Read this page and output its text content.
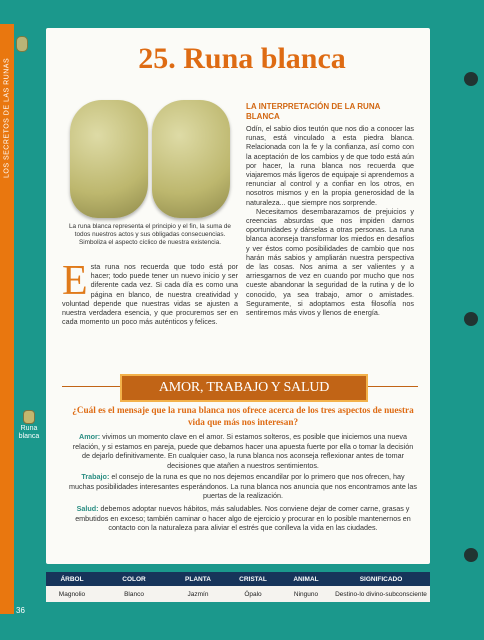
LOS SECRETOS DE LAS RUNAS
Runa blanca
25. Runa blanca
La runa blanca representa el principio y el fin, la suma de todos nuestros actos y sus obligadas consecuencias. Simboliza el aspecto cíclico de nuestra existencia.
LA INTERPRETACIÓN DE LA RUNA BLANCA
Odín, el sabio dios teutón que nos dio a conocer las runas, está vinculado a esta piedra blanca. Relacionada con la fe y la confianza, así como con la aceptación de los cambios y de que todo está aún por hacer, la runa blanca nos recuerda que viajaremos más ligeros de equipaje si aprendemos a renunciar al control y a confiar en los otros, en nosotros mismos y en la propia generosidad de la naturaleza... que siempre nos sorprende.
Necesitamos desembarazarnos de prejuicios y creencias absurdas que nos impiden darnos oportunidades y dárselas a otras personas. La runa blanca aconseja transformar los miedos en desafíos y ver éstos como posibilidades de cambio que nos harán más sabios y ampliarán nuestra perspectiva de las cosas. Nos anima a ser valientes y a arriesgarnos de vez en cuando por mucho que nos cueste abandonar la seguridad de la rutina y de lo conocido, ya sea trabajo, amor o amistades. Seguramente, si adoptamos esta filosofía nos sentiremos más vivos y llenos de energía.
Esta runa nos recuerda que todo está por hacer; todo puede tener un nuevo inicio y ser diferente cada vez. Si cada día es como una página en blanco, de nuestra creatividad y voluntad depende que nuestras vidas se ajusten a nuestra verdadera esencia, y que procuremos ser en cada momento un poco más auténticos y felices.
AMOR, TRABAJO Y SALUD
¿Cuál es el mensaje que la runa blanca nos ofrece acerca de los tres aspectos de nuestra vida que más nos interesan?
Amor: vivimos un momento clave en el amor. Si estamos solteros, es posible que iniciemos una nueva relación, y si estamos en pareja, puede que debamos hacer una apuesta fuerte por ella o tomar la decisión de dejarlo definitivamente. En cualquier caso, la runa blanca nos aconseja reflexionar antes de tomar decisiones que atañen a nuestros sentimientos.
Trabajo: el consejo de la runa es que no nos dejemos encandilar por lo primero que nos ofrecen, hay muchas posibilidades interesantes esperándonos. La runa blanca nos anuncia que nos encontramos ante las puertas de la realización.
Salud: debemos adoptar nuevos hábitos, más saludables. Nos conviene dejar de comer carne, grasas y embutidos en exceso; también caminar o hacer algo de ejercicio y procurar en lo posible mantenernos en contacto con la naturaleza para aliviar el estrés que conlleva la vida en las ciudades.
ÁRBOL	COLOR	PLANTA	CRISTAL	ANIMAL	SIGNIFICADO
Magnolio	Blanco	Jazmín	Ópalo	Ninguno	Destino-lo divino-subconsciente
36
